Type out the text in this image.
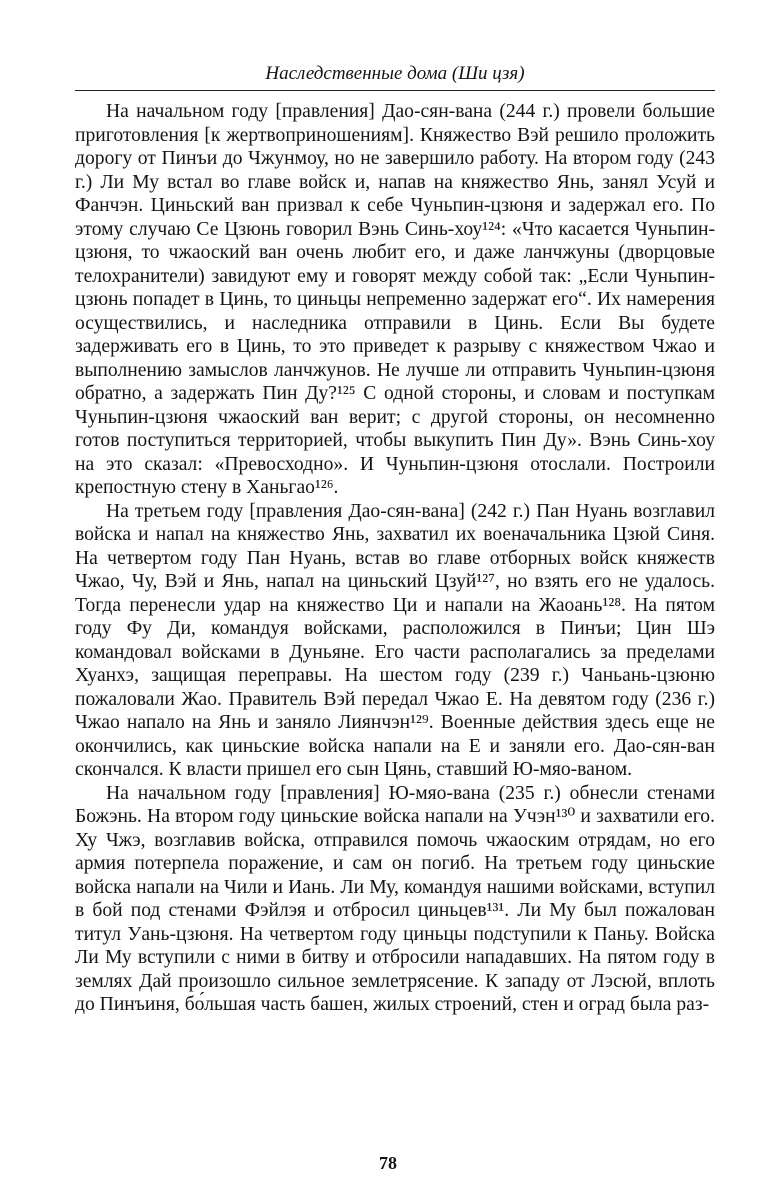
Наследственные дома (Ши цзя)

На начальном году [правления] Дао-сян-вана (244 г.) провели большие приготовления [к жертвоприношениям]. Княжество Вэй решило проложить дорогу от Пинъи до Чжунмоу, но не завершило работу. На втором году (243 г.) Ли Му встал во главе войск и, напав на княжество Янь, занял Усуй и Фанчэн. Циньский ван призвал к себе Чуньпин-цзюня и задержал его. По этому случаю Се Цзюнь говорил Вэнь Синь-хоу¹²⁴: «Что касается Чуньпин-цзюня, то чжаоский ван очень любит его, и даже ланчжуны (дворцовые телохранители) завидуют ему и говорят между собой так: „Если Чуньпин-цзюнь попадет в Цинь, то циньцы непременно задержат его“. Их намерения осуществились, и наследника отправили в Цинь. Если Вы будете задерживать его в Цинь, то это приведет к разрыву с княжеством Чжао и выполнению замыслов ланчжунов. Не лучше ли отправить Чуньпин-цзюня обратно, а задержать Пин Ду?¹²⁵ С одной стороны, и словам и поступкам Чуньпин-цзюня чжаоский ван верит; с другой стороны, он несомненно готов поступиться территорией, чтобы выкупить Пин Ду». Вэнь Синь-хоу на это сказал: «Превосходно». И Чуньпин-цзюня отослали. Построили крепостную стену в Ханьгао¹²⁶.

На третьем году [правления Дао-сян-вана] (242 г.) Пан Нуань возглавил войска и напал на княжество Янь, захватил их военачальника Цзюй Синя. На четвертом году Пан Нуань, встав во главе отборных войск княжеств Чжао, Чу, Вэй и Янь, напал на циньский Цзуй¹²⁷, но взять его не удалось. Тогда перенесли удар на княжество Ци и напали на Жаоань¹²⁸. На пятом году Фу Ди, командуя войсками, расположился в Пинъи; Цин Шэ командовал войсками в Дуньяне. Его части располагались за пределами Хуанхэ, защищая переправы. На шестом году (239 г.) Чаньань-цзюню пожаловали Жао. Правитель Вэй передал Чжао Е. На девятом году (236 г.) Чжао напало на Янь и заняло Лиянчэн¹²⁹. Военные действия здесь еще не окончились, как циньские войска напали на Е и заняли его. Дао-сян-ван скончался. К власти пришел его сын Цянь, ставший Ю-мяо-ваном.

На начальном году [правления] Ю-мяо-вана (235 г.) обнесли стенами Божэнь. На втором году циньские войска напали на Учэн¹³⁰ и захватили его. Ху Чжэ, возглавив войска, отправился помочь чжаоским отрядам, но его армия потерпела поражение, и сам он погиб. На третьем году циньские войска напали на Чили и Иань. Ли Му, командуя нашими войсками, вступил в бой под стенами Фэйлэя и отбросил циньцев¹³¹. Ли Му был пожалован титул Уань-цзюня. На четвертом году циньцы подступили к Паньу. Войска Ли Му вступили с ними в битву и отбросили нападавших. На пятом году в землях Дай произошло сильное землетрясение. К западу от Лэсюй, вплоть до Пинъиня, бо́льшая часть башен, жилых строений, стен и оград была раз-

78
